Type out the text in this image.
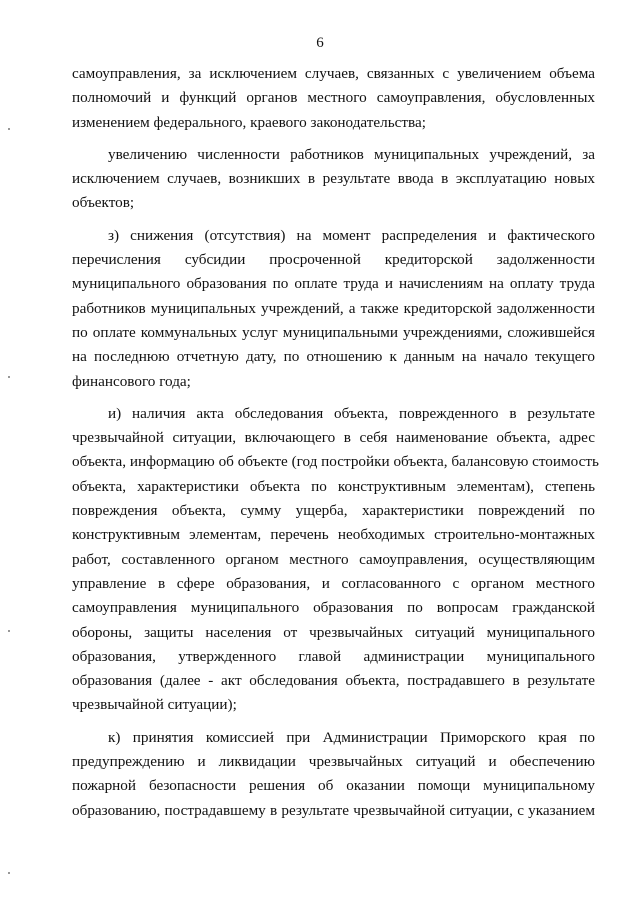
6
самоуправления, за исключением случаев, связанных с увеличением объема
полномочий и функций органов местного самоуправления, обусловленных
изменением федерального, краевого законодательства;
увеличению численности работников муниципальных учреждений, за
исключением случаев, возникших в результате ввода в эксплуатацию новых
объектов;
з) снижения (отсутствия) на момент распределения и фактического
перечисления субсидии просроченной кредиторской задолженности
муниципального образования по оплате труда и начислениям на оплату труда
работников муниципальных учреждений, а также кредиторской задолженности
по оплате коммунальных услуг муниципальными учреждениями, сложившейся
на последнюю отчетную дату, по отношению к данным на начало текущего
финансового года;
и) наличия акта обследования объекта, поврежденного в результате
чрезвычайной ситуации, включающего в себя наименование объекта, адрес
объекта, информацию об объекте (год постройки объекта, балансовую стоимость
объекта, характеристики объекта по конструктивным элементам), степень
повреждения объекта, сумму ущерба, характеристики повреждений по
конструктивным элементам, перечень необходимых строительно-монтажных
работ, составленного органом местного самоуправления, осуществляющим
управление в сфере образования, и согласованного с органом местного
самоуправления муниципального образования по вопросам гражданской
обороны, защиты населения от чрезвычайных ситуаций муниципального
образования, утвержденного главой администрации муниципального
образования (далее - акт обследования объекта, пострадавшего в результате
чрезвычайной ситуации);
к) принятия комиссией при Администрации Приморского края по
предупреждению и ликвидации чрезвычайных ситуаций и обеспечению
пожарной безопасности решения об оказании помощи муниципальному
образованию, пострадавшему в результате чрезвычайной ситуации, с указанием
